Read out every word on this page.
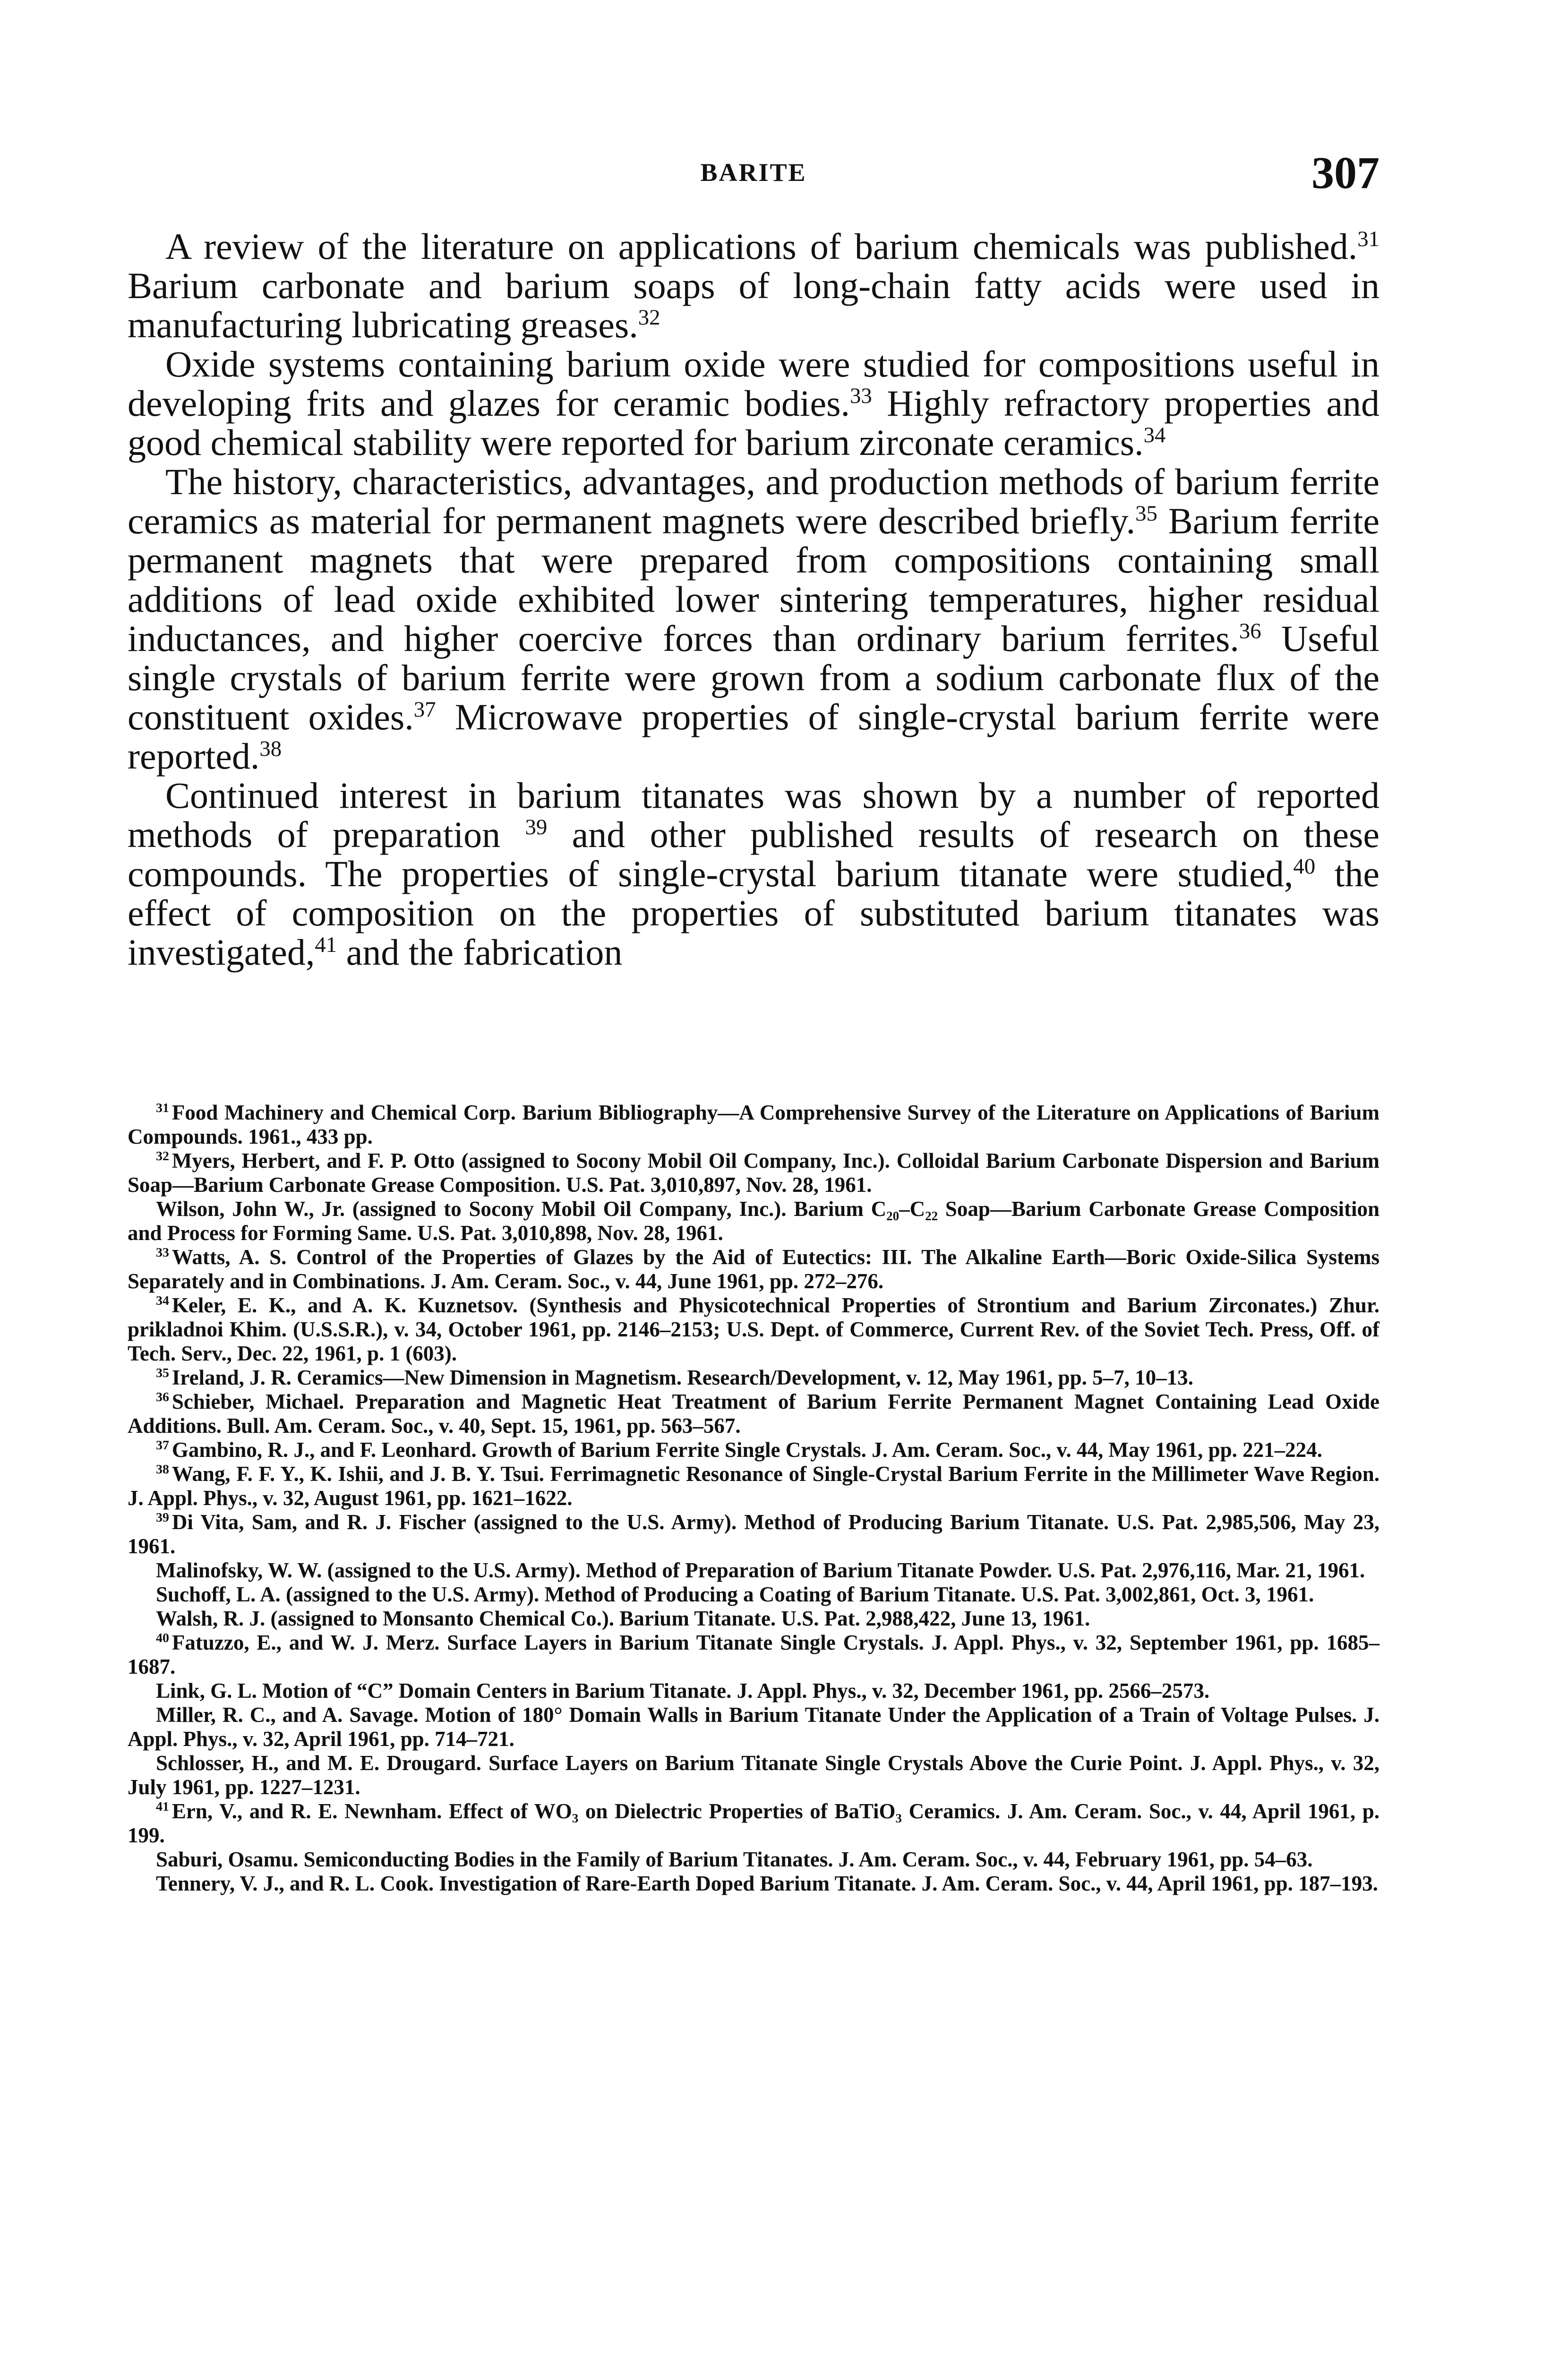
BARITE	307

A review of the literature on applications of barium chemicals was published.$^{31}$ Barium carbonate and barium soaps of long-chain fatty acids were used in manufacturing lubricating greases.$^{32}$

Oxide systems containing barium oxide were studied for compositions useful in developing frits and glazes for ceramic bodies.$^{33}$ Highly refractory properties and good chemical stability were reported for barium zirconate ceramics.$^{34}$

The history, characteristics, advantages, and production methods of barium ferrite ceramics as material for permanent magnets were described briefly.$^{35}$ Barium ferrite permanent magnets that were prepared from compositions containing small additions of lead oxide exhibited lower sintering temperatures, higher residual inductances, and higher coercive forces than ordinary barium ferrites.$^{36}$ Useful single crystals of barium ferrite were grown from a sodium carbonate flux of the constituent oxides.$^{37}$ Microwave properties of single-crystal barium ferrite were reported.$^{38}$

Continued interest in barium titanates was shown by a number of reported methods of preparation $^{39}$ and other published results of research on these compounds. The properties of single-crystal barium titanate were studied,$^{40}$ the effect of composition on the properties of substituted barium titanates was investigated,$^{41}$ and the fabrication

$^{31}$ Food Machinery and Chemical Corp. Barium Bibliography—A Comprehensive Survey of the Literature on Applications of Barium Compounds. 1961., 433 pp.
$^{32}$ Myers, Herbert, and F. P. Otto (assigned to Socony Mobil Oil Company, Inc.). Colloidal Barium Carbonate Dispersion and Barium Soap—Barium Carbonate Grease Composition. U.S. Pat. 3,010,897, Nov. 28, 1961.
Wilson, John W., Jr. (assigned to Socony Mobil Oil Company, Inc.). Barium C₂₀–C₂₂ Soap—Barium Carbonate Grease Composition and Process for Forming Same. U.S. Pat. 3,010,898, Nov. 28, 1961.
$^{33}$ Watts, A. S. Control of the Properties of Glazes by the Aid of Eutectics: III. The Alkaline Earth—Boric Oxide-Silica Systems Separately and in Combinations. J. Am. Ceram. Soc., v. 44, June 1961, pp. 272–276.
$^{34}$ Keler, E. K., and A. K. Kuznetsov. (Synthesis and Physicotechnical Properties of Strontium and Barium Zirconates.) Zhur. prikladnoi Khim. (U.S.S.R.), v. 34, October 1961, pp. 2146–2153; U.S. Dept. of Commerce, Current Rev. of the Soviet Tech. Press, Off. of Tech. Serv., Dec. 22, 1961, p. 1 (603).
$^{35}$ Ireland, J. R. Ceramics—New Dimension in Magnetism. Research/Development, v. 12, May 1961, pp. 5–7, 10–13.
$^{36}$ Schieber, Michael. Preparation and Magnetic Heat Treatment of Barium Ferrite Permanent Magnet Containing Lead Oxide Additions. Bull. Am. Ceram. Soc., v. 40, Sept. 15, 1961, pp. 563–567.
$^{37}$ Gambino, R. J., and F. Leonhard. Growth of Barium Ferrite Single Crystals. J. Am. Ceram. Soc., v. 44, May 1961, pp. 221–224.
$^{38}$ Wang, F. F. Y., K. Ishii, and J. B. Y. Tsui. Ferrimagnetic Resonance of Single-Crystal Barium Ferrite in the Millimeter Wave Region. J. Appl. Phys., v. 32, August 1961, pp. 1621–1622.
$^{39}$ Di Vita, Sam, and R. J. Fischer (assigned to the U.S. Army). Method of Producing Barium Titanate. U.S. Pat. 2,985,506, May 23, 1961.
Malinofsky, W. W. (assigned to the U.S. Army). Method of Preparation of Barium Titanate Powder. U.S. Pat. 2,976,116, Mar. 21, 1961.
Suchoff, L. A. (assigned to the U.S. Army). Method of Producing a Coating of Barium Titanate. U.S. Pat. 3,002,861, Oct. 3, 1961.
Walsh, R. J. (assigned to Monsanto Chemical Co.). Barium Titanate. U.S. Pat. 2,988,422, June 13, 1961.
$^{40}$ Fatuzzo, E., and W. J. Merz. Surface Layers in Barium Titanate Single Crystals. J. Appl. Phys., v. 32, September 1961, pp. 1685–1687.
Link, G. L. Motion of “C” Domain Centers in Barium Titanate. J. Appl. Phys., v. 32, December 1961, pp. 2566–2573.
Miller, R. C., and A. Savage. Motion of 180° Domain Walls in Barium Titanate Under the Application of a Train of Voltage Pulses. J. Appl. Phys., v. 32, April 1961, pp. 714–721.
Schlosser, H., and M. E. Drougard. Surface Layers on Barium Titanate Single Crystals Above the Curie Point. J. Appl. Phys., v. 32, July 1961, pp. 1227–1231.
$^{41}$ Ern, V., and R. E. Newnham. Effect of WO₃ on Dielectric Properties of BaTiO₃ Ceramics. J. Am. Ceram. Soc., v. 44, April 1961, p. 199.
Saburi, Osamu. Semiconducting Bodies in the Family of Barium Titanates. J. Am. Ceram. Soc., v. 44, February 1961, pp. 54–63.
Tennery, V. J., and R. L. Cook. Investigation of Rare-Earth Doped Barium Titanate. J. Am. Ceram. Soc., v. 44, April 1961, pp. 187–193.
